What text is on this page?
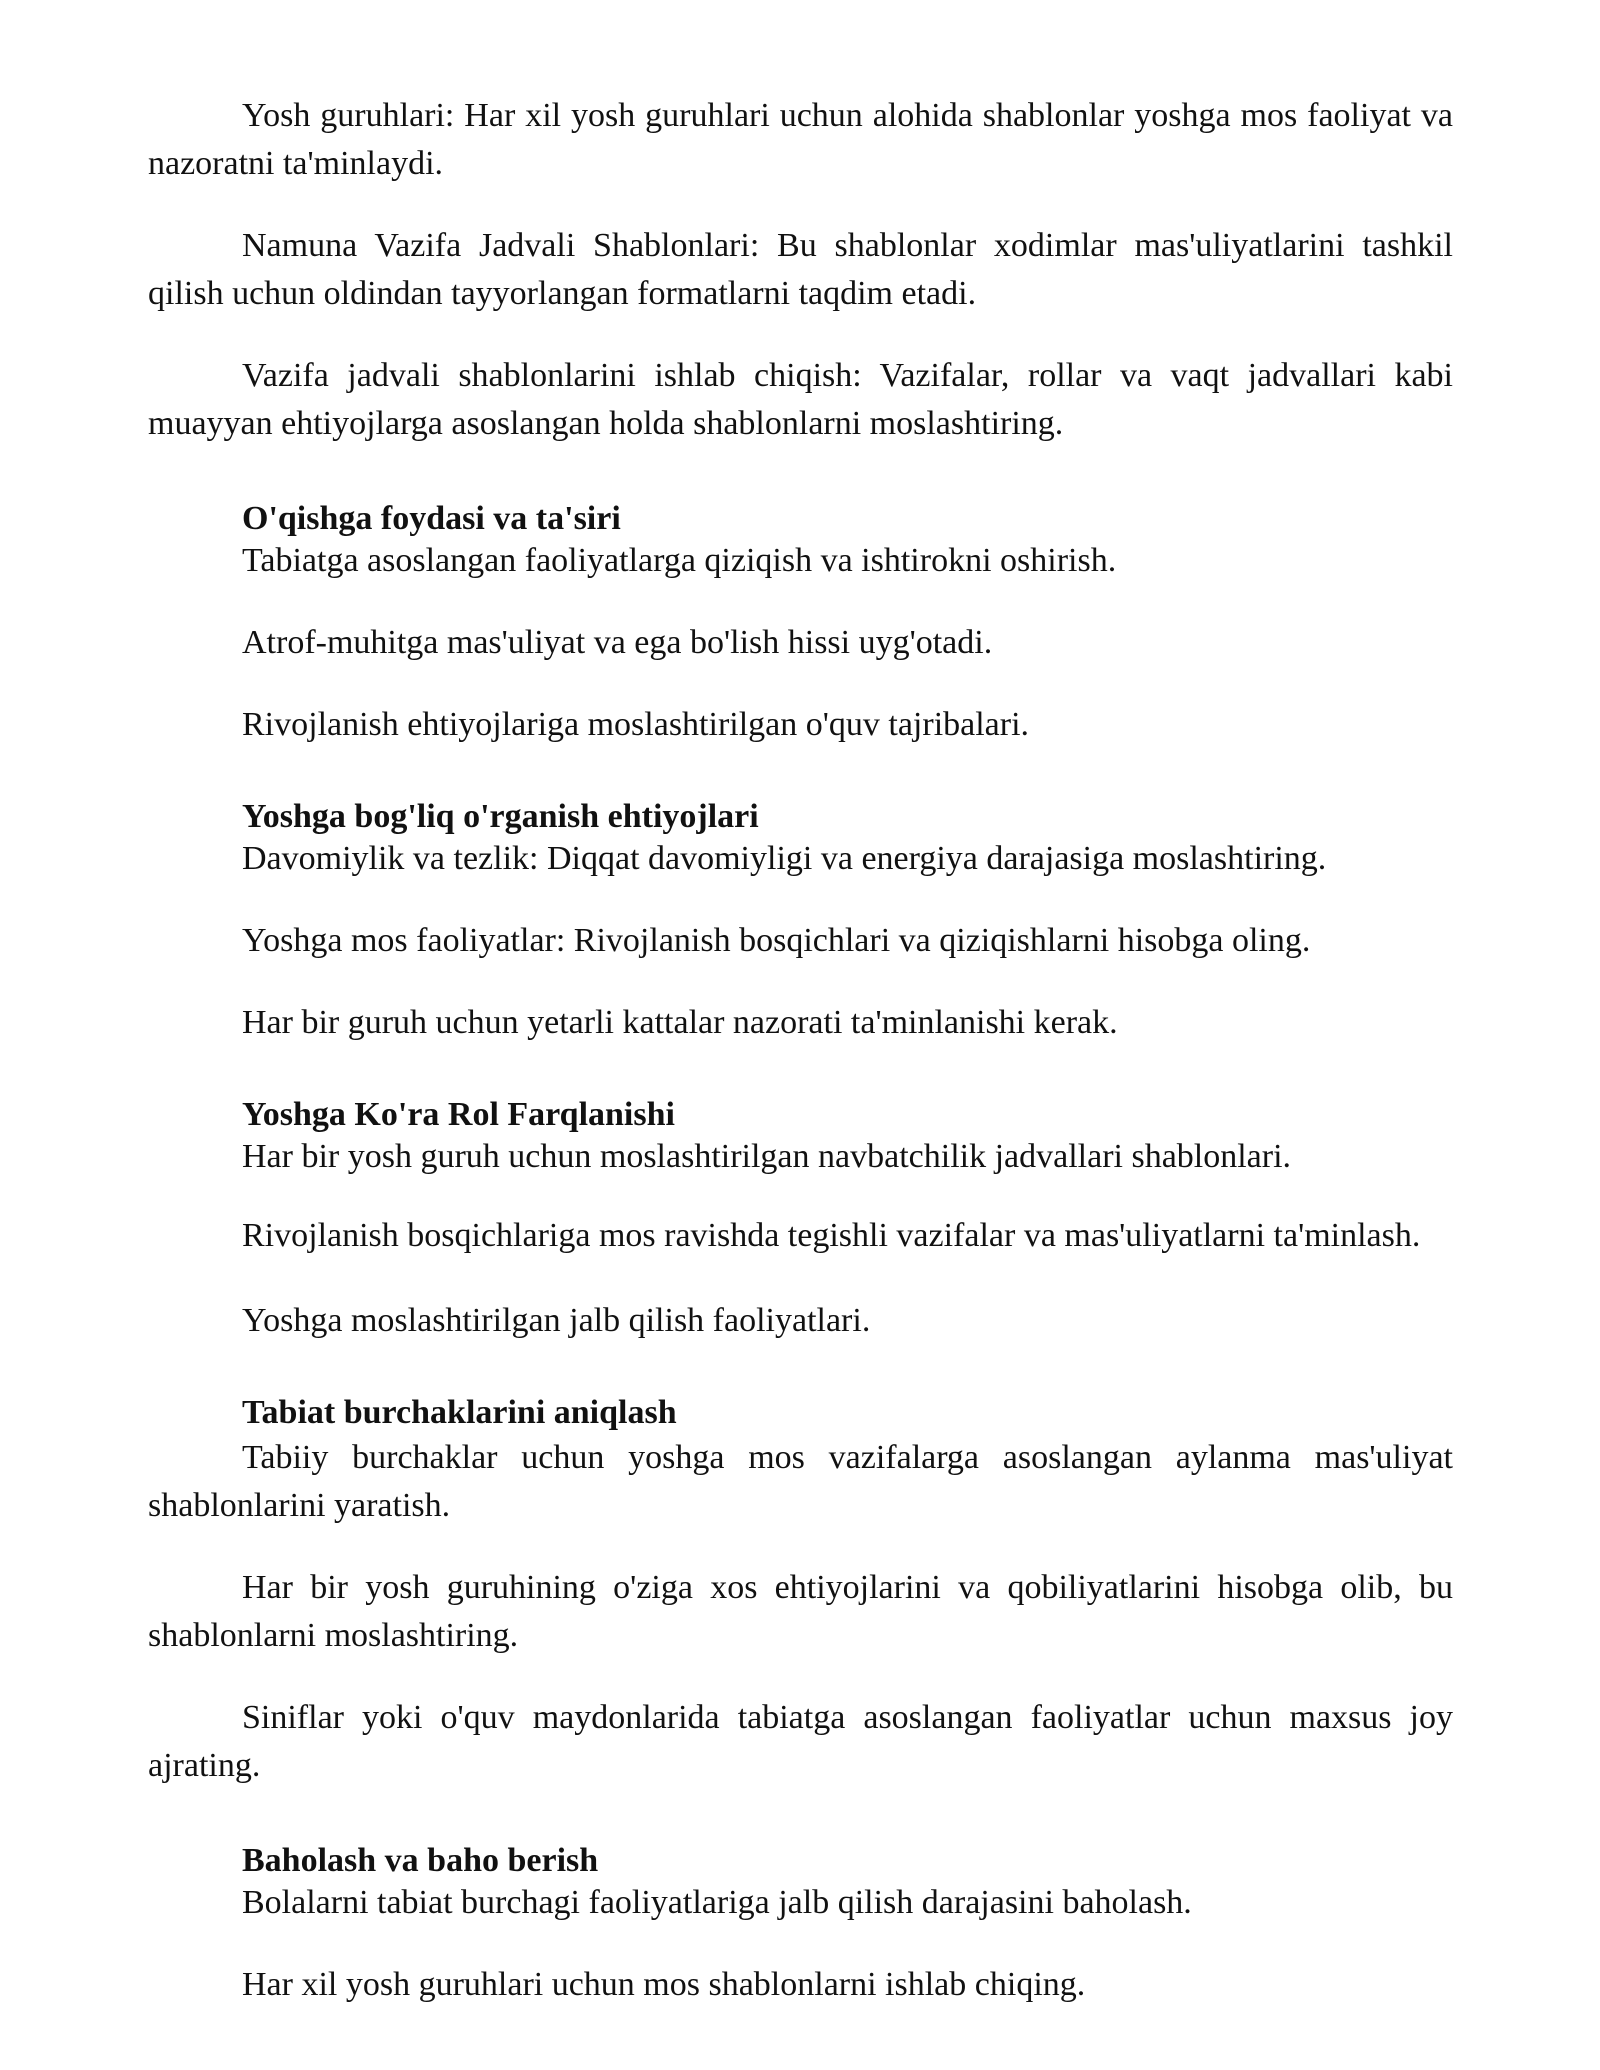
Yosh guruhlari: Har xil yosh guruhlari uchun alohida shablonlar yoshga mos faoliyat va nazoratni ta'minlaydi.

Namuna Vazifa Jadvali Shablonlari: Bu shablonlar xodimlar mas'uliyatlarini tashkil qilish uchun oldindan tayyorlangan formatlarni taqdim etadi.

Vazifa jadvali shablonlarini ishlab chiqish: Vazifalar, rollar va vaqt jadvallari kabi muayyan ehtiyojlarga asoslangan holda shablonlarni moslashtiring.

O'qishga foydasi va ta'siri

Tabiatga asoslangan faoliyatlarga qiziqish va ishtirokni oshirish.

Atrof-muhitga mas'uliyat va ega bo'lish hissi uyg'otadi.

Rivojlanish ehtiyojlariga moslashtirilgan o'quv tajribalari.

Yoshga bog'liq o'rganish ehtiyojlari

Davomiylik va tezlik: Diqqat davomiyligi va energiya darajasiga moslashtiring.

Yoshga mos faoliyatlar: Rivojlanish bosqichlari va qiziqishlarni hisobga oling.

Har bir guruh uchun yetarli kattalar nazorati ta'minlanishi kerak.

Yoshga Ko'ra Rol Farqlanishi

Har bir yosh guruh uchun moslashtirilgan navbatchilik jadvallari shablonlari.

Rivojlanish bosqichlariga mos ravishda tegishli vazifalar va mas'uliyatlarni ta'minlash.

Yoshga moslashtirilgan jalb qilish faoliyatlari.

Tabiat burchaklarini aniqlash

Tabiiy burchaklar uchun yoshga mos vazifalarga asoslangan aylanma mas'uliyat shablonlarini yaratish.

Har bir yosh guruhining o'ziga xos ehtiyojlarini va qobiliyatlarini hisobga olib, bu shablonlarni moslashtiring.

Siniflar yoki o'quv maydonlarida tabiatga asoslangan faoliyatlar uchun maxsus joy ajrating.

Baholash va baho berish

Bolalarni tabiat burchagi faoliyatlariga jalb qilish darajasini baholash.

Har xil yosh guruhlari uchun mos shablonlarni ishlab chiqing.
